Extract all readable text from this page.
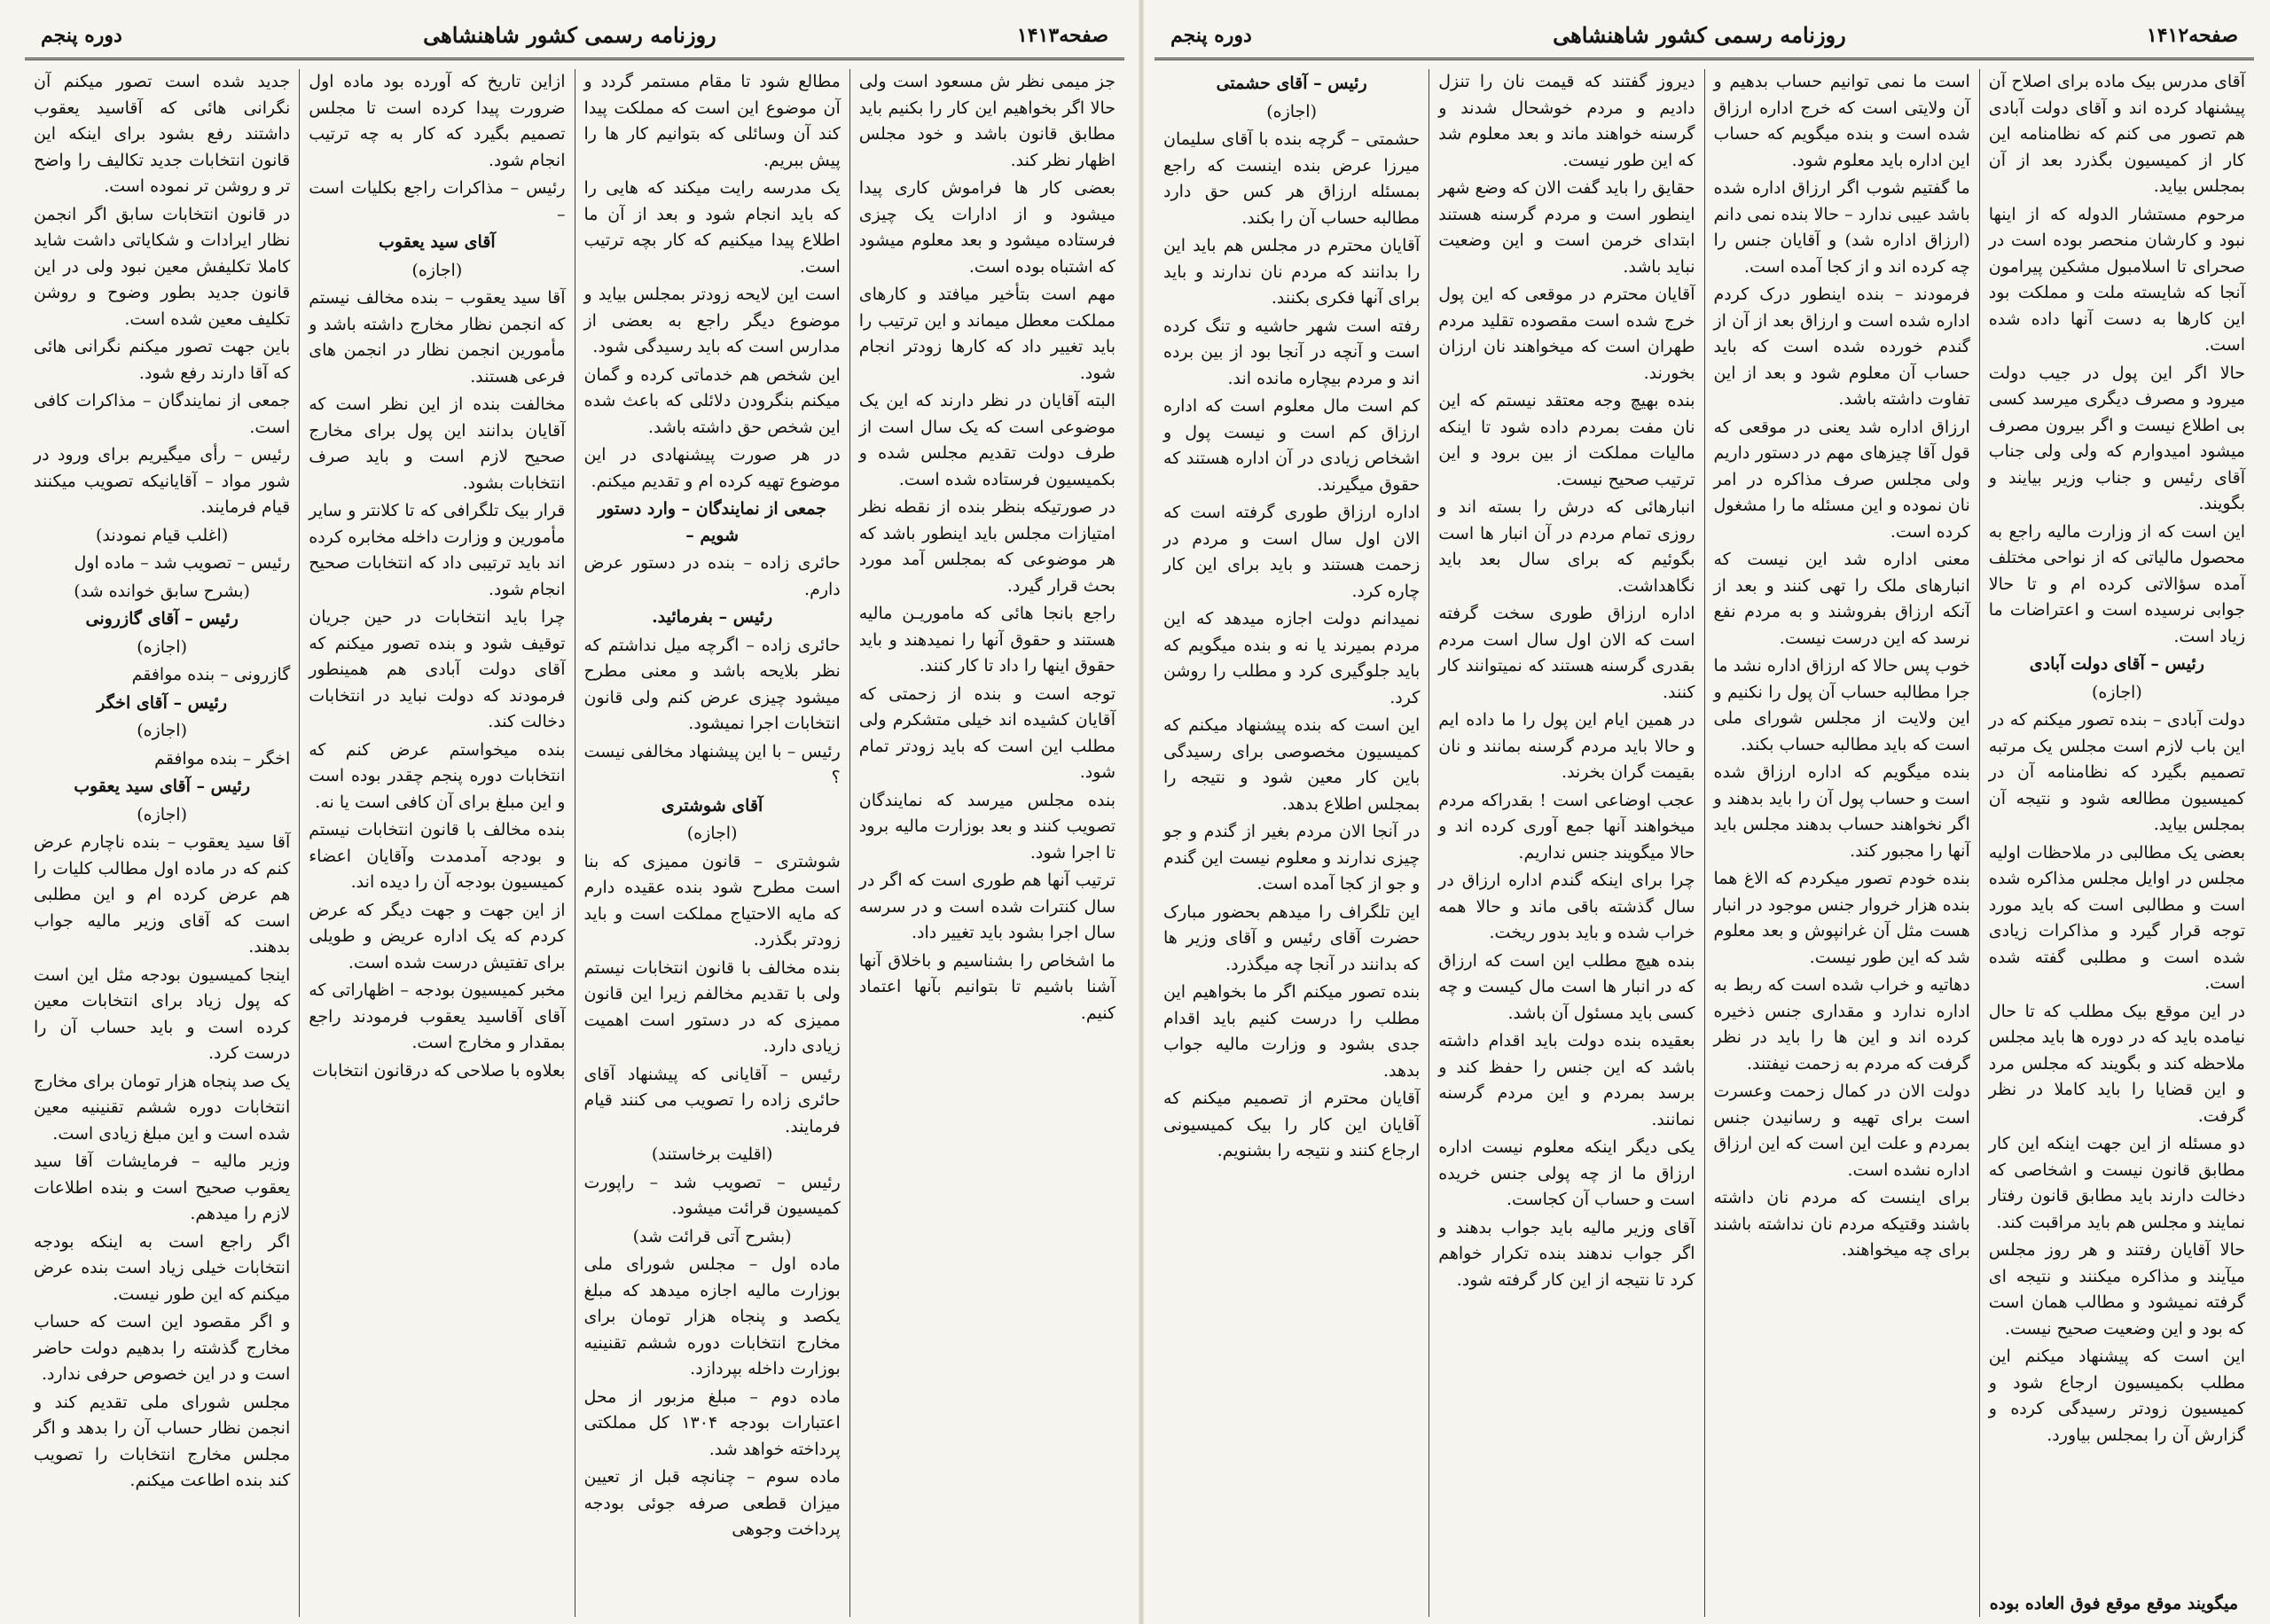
صفحه۱۴۱۳
روزنامه رسمی کشور شاهنشاهی
دوره پنجم

جز میمی نظر ش مسعود است ولی حالا اگر بخواهیم این کار را بکنیم باید مطابق قانون باشد و خود مجلس اظهار نظر کند.

بعضی کار ها فراموش کاری پیدا میشود و از ادارات یک چیزی فرستاده میشود و بعد معلوم میشود که اشتباه بوده است.

مهم است بتأخیر میافتد و کارهای مملکت معطل میماند و این ترتیب را باید تغییر داد که کارها زودتر انجام شود.

البته آقایان در نظر دارند که این یک موضوعی است که یک سال است از طرف دولت تقدیم مجلس شده و بکمیسیون فرستاده شده است.

در صورتیکه بنظر بنده از نقطه نظر امتیازات مجلس باید اینطور باشد که هر موضوعی که بمجلس آمد مورد بحث قرار گیرد.

راجع بانجا هائی که ماموریـن مالیه هستند و حقوق آنها را نمیدهند و باید حقوق اینها را داد تا کار کنند.

توجه است و بنده از زحمتی که آقایان کشیده اند خیلی متشکرم ولی مطلب این است که باید زودتر تمام شود.

بنده مجلس میرسد که نمایندگان تصویب کنند و بعد بوزارت مالیه برود تا اجرا شود.

ترتیب آنها هم طوری است که اگر در سال کنترات شده است و در سرسه سال اجرا بشود باید تغییر داد.

ما اشخاص را بشناسیم و باخلاق آنها آشنا باشیم تا بتوانیم بآنها اعتماد کنیم.

مطالع شود تا مقام مستمر گردد و آن موضوع این است که مملکت پیدا کند آن وسائلی که بتوانیم کار ها را پیش ببریم.

یک مدرسه رایت میکند که هایی را که باید انجام شود و بعد از آن ما اطلاع پیدا میکنیم که کار بچه ترتیب است.

است این لایحه زودتر بمجلس بیاید و موضوع دیگر راجع به بعضی از مدارس است که باید رسیدگی شود.

این شخص هم خدماتی کرده و گمان میکنم بنگرودن دلائلی که باعث شده این شخص حق داشته باشد.

در هر صورت پیشنهادی در این موضوع تهیه کرده ام و تقدیم میکنم.

جمعی از نمایندگان – وارد دستور شویم –

حائری زاده – بنده در دستور عرض دارم.

رئیس – بفرمائید.

حائری زاده – اگرچه میل نداشتم که نظر بلایحه باشد و معنی مطرح میشود چیزی عرض کنم ولی قانون انتخابات اجرا نمیشود.

رئیس – با این پیشنهاد مخالفی نیست ؟

آقای شوشتری
(اجازه)

شوشتری – قانون ممیزی که بنا است مطرح شود بنده عقیده دارم که مایه الاحتیاج مملکت است و باید زودتر بگذرد.

بنده مخالف با قانون انتخابات نیستم ولی با تقدیم مخالفم زیرا این قانون ممیزی که در دستور است اهمیت زیادی دارد.

رئیس – آقایانی که پیشنهاد آقای حائری زاده را تصویب می کنند قیام فرمایند.

(اقلیت برخاستند)

رئیس – تصویب شد – راپورت کمیسیون قرائت میشود.

(بشرح آتی قرائت شد)

ماده اول – مجلس شورای ملی بوزارت مالیه اجازه میدهد که مبلغ یکصد و پنجاه هزار تومان برای مخارج انتخابات دوره ششم تقنینیه بوزارت داخله بپردازد.

ماده دوم – مبلغ مزبور از محل اعتبارات بودجه ۱۳۰۴ کل مملکتی پرداخته خواهد شد.

ماده سوم – چنانچه قبل از تعیین میزان قطعی صرفه جوئی بودجه پرداخت وجوهی

ازاین تاریخ که آورده بود ماده اول ضرورت پیدا کرده است تا مجلس تصمیم بگیرد که کار به چه ترتیب انجام شود.

رئیس – مذاکرات راجع بکلیات است –

آقای سید یعقوب
(اجازه)

آقا سید یعقوب – بنده مخالف نیستم که انجمن نظار مخارج داشته باشد و مأمورین انجمن نظار در انجمن های فرعی هستند.

مخالفت بنده از این نظر است که آقایان بدانند این پول برای مخارج صحیح لازم است و باید صرف انتخابات بشود.

قرار بیک تلگرافی که تا کلانتر و سایر مأمورین و وزارت داخله مخابره کرده اند باید ترتیبی داد که انتخابات صحیح انجام شود.

چرا باید انتخابات در حین جریان توقیف شود و بنده تصور میکنم که آقای دولت آبادی هم همینطور فرمودند که دولت نباید در انتخابات دخالت کند.

بنده میخواستم عرض کنم که انتخابات دوره پنجم چقدر بوده است و این مبلغ برای آن کافی است یا نه.

بنده مخالف با قانون انتخابات نیستم و بودجه آمدمدت وآقایان اعضاء کمیسیون بودجه آن را دیده اند.

از این جهت و جهت دیگر که عرض کردم که یک اداره عریض و طویلی برای تفتیش درست شده است.

مخبر کمیسیون بودجه – اظهاراتی که آقای آقاسید یعقوب فرمودند راجع بمقدار و مخارج است.

بعلاوه با صلاحی که درقانون انتخابات

جدید شده است تصور میکنم آن نگرانی هائی که آقاسید یعقوب داشتند رفع بشود برای اینکه این قانون انتخابات جدید تکالیف را واضح تر و روشن تر نموده است.

در قانون انتخابات سابق اگر انجمن نظار ایرادات و شکایاتی داشت شاید کاملا تکلیفش معین نبود ولی در این قانون جدید بطور وضوح و روشن تکلیف معین شده است.

باین جهت تصور میکنم نگرانی هائی که آقا دارند رفع شود.

جمعی از نمایندگان – مذاکرات کافی است.

رئیس – رأی میگیریم برای ورود در شور مواد – آقایانیکه تصویب میکنند قیام فرمایند.

(اغلب قیام نمودند)

رئیس – تصویب شد – ماده اول

(بشرح سابق خوانده شد)
رئیس – آقای گازرونی
(اجازه)

گازرونی – بنده موافقم

رئیس – آقای اخگر
(اجازه)

اخگر – بنده موافقم

رئیس – آقای سید یعقوب
(اجازه)

آقا سید یعقوب – بنده ناچارم عرض کنم که در ماده اول مطالب کلیات را هم عرض کرده ام و این مطلبی است که آقای وزیر مالیه جواب بدهند.

اینجا کمیسیون بودجه مثل این است که پول زیاد برای انتخابات معین کرده است و باید حساب آن را درست کرد.

یک صد پنجاه هزار تومان برای مخارج انتخابات دوره ششم تقنینیه معین شده است و این مبلغ زیادی است.

وزیر مالیه – فرمایشات آقا سید یعقوب صحیح است و بنده اطلاعات لازم را میدهم.

اگر راجع است به اینکه بودجه انتخابات خیلی زیاد است بنده عرض میکنم که این طور نیست.

و اگر مقصود این است که حساب مخارج گذشته را بدهیم دولت حاضر است و در این خصوص حرفی ندارد.

مجلس شورای ملی تقدیم کند و انجمن نظار حساب آن را بدهد و اگر مجلس مخارج انتخابات را تصویب کند بنده اطاعت میکنم.

صفحه۱۴۱۲
روزنامه رسمی کشور شاهنشاهی
دوره پنجم

آقای مدرس بیک ماده برای اصلاح آن پیشنهاد کرده اند و آقای دولت آبادی هم تصور می کنم که نظامنامه این کار از کمیسیون بگذرد بعد از آن بمجلس بیاید.

مرحوم مستشار الدوله که از اینها نبود و کارشان منحصر بوده است در صحرای تا اسلامبول مشکین پیرامون آنجا که شایسته ملت و مملکت بود این کارها به دست آنها داده شده است.

حالا اگر این پول در جیب دولت میرود و مصرف دیگری میرسد کسی بی اطلاع نیست و اگر بیرون مصرف میشود امیدوارم که ولی ولی جناب آقای رئیس و جناب وزیر بیایند و بگویند.

این است که از وزارت مالیه راجع به محصول مالیاتی که از نواحی مختلف آمده سؤالاتی کرده ام و تا حالا جوابی نرسیده است و اعتراضات ما زیاد است.

رئیس – آقای دولت آبادی
(اجازه)

دولت آبادی – بنده تصور میکنم که در این باب لازم است مجلس یک مرتبه تصمیم بگیرد که نظامنامه آن در کمیسیون مطالعه شود و نتیجه آن بمجلس بیاید.

بعضی یک مطالبی در ملاحظات اولیه مجلس در اوایل مجلس مذاکره شده است و مطالبی است که باید مورد توجه قرار گیرد و مذاکرات زیادی شده است و مطلبی گفته شده است.

در این موقع بیک مطلب که تا حال نیامده باید که در دوره ها باید مجلس ملاحظه کند و بگویند که مجلس مرد و این قضایا را باید کاملا در نظر گرفت.

دو مسئله از این جهت اینکه این کار مطابق قانون نیست و اشخاصی که دخالت دارند باید مطابق قانون رفتار نمایند و مجلس هم باید مراقبت کند.

حالا آقایان رفتند و هر روز مجلس میآیند و مذاکره میکنند و نتیجه ای گرفته نمیشود و مطالب همان است که بود و این وضعیت صحیح نیست.

این است که پیشنهاد میکنم این مطلب بکمیسیون ارجاع شود و کمیسیون زودتر رسیدگی کرده و گزارش آن را بمجلس بیاورد.

است ما نمی توانیم حساب بدهیم و آن ولایتی است که خرج اداره ارزاق شده است و بنده میگویم که حساب این اداره باید معلوم شود.

ما گفتیم شوب اگر ارزاق اداره شده باشد عیبی ندارد – حالا بنده نمی دانم (ارزاق اداره شد) و آقایان جنس را چه کرده اند و از کجا آمده است.

فرمودند – بنده اینطور درک کردم اداره شده است و ارزاق بعد از آن از گندم خورده شده است که باید حساب آن معلوم شود و بعد از این تفاوت داشته باشد.

ارزاق اداره شد یعنی در موقعی که قول آقا چیزهای مهم در دستور داریم ولی مجلس صرف مذاکره در امر نان نموده و این مسئله ما را مشغول کرده است.

معنی اداره شد این نیست که انبارهای ملک را تهی کنند و بعد از آنکه ارزاق بفروشند و به مردم نفع نرسد که این درست نیست.

خوب پس حالا که ارزاق اداره نشد ما جرا مطالبه حساب آن پول را نکنیم و این ولایت از مجلس شورای ملی است که باید مطالبه حساب بکند.

بنده میگویم که اداره ارزاق شده است و حساب پول آن را باید بدهند و اگر نخواهند حساب بدهند مجلس باید آنها را مجبور کند.

بنده خودم تصور میکردم که الاغ هما بنده هزار خروار جنس موجود در انبار هست مثل آن غرانپوش و بعد معلوم شد که این طور نیست.

دهاتیه و خراب شده است که ربط به اداره ندارد و مقداری جنس ذخیره کرده اند و این ها را باید در نظر گرفت که مردم به زحمت نیفتند.

دولت الان در کمال زحمت وعسرت است برای تهیه و رسانیدن جنس بمردم و علت این است که این ارزاق اداره نشده است.

برای اینست که مردم نان داشته باشند وقتیکه مردم نان نداشته باشند برای چه میخواهند.

دیروز گفتند که قیمت نان را تنزل دادیم و مردم خوشحال شدند و گرسنه خواهند ماند و بعد معلوم شد که این طور نیست.

حقایق را باید گفت الان که وضع شهر اینطور است و مردم گرسنه هستند ابتدای خرمن است و این وضعیت نباید باشد.

آقایان محترم در موقعی که این پول خرج شده است مقصوده تقلید مردم طهران است که میخواهند نان ارزان بخورند.

بنده بهیچ وجه معتقد نیستم که این نان مفت بمردم داده شود تا اینکه مالیات مملکت از بین برود و این ترتیب صحیح نیست.

انبارهائی که درش را بسته اند و روزی تمام مردم در آن انبار ها است بگوئیم که برای سال بعد باید نگاهداشت.

اداره ارزاق طوری سخت گرفته است که الان اول سال است مردم بقدری گرسنه هستند که نمیتوانند کار کنند.

در همین ایام این پول را ما داده ایم و حالا باید مردم گرسنه بمانند و نان بقیمت گران بخرند.

عجب اوضاعی است ! بقدراکه مردم میخواهند آنها جمع آوری کرده اند و حالا میگویند جنس نداریم.

چرا برای اینکه گندم اداره ارزاق در سال گذشته باقی ماند و حالا همه خراب شده و باید بدور ریخت.

بنده هیچ مطلب این است که ارزاق که در انبار ها است مال کیست و چه کسی باید مسئول آن باشد.

بعقیده بنده دولت باید اقدام داشته باشد که این جنس را حفظ کند و برسد بمردم و این مردم گرسنه نمانند.

یکی دیگر اینکه معلوم نیست اداره ارزاق ما از چه پولی جنس خریده است و حساب آن کجاست.

آقای وزیر مالیه باید جواب بدهند و اگر جواب ندهند بنده تکرار خواهم کرد تا نتیجه از این کار گرفته شود.

رئیس – آقای حشمتی
(اجازه)

حشمتی – گرچه بنده با آقای سلیمان میرزا عرض بنده اینست که راجع بمسئله ارزاق هر کس حق دارد مطالبه حساب آن را بکند.

آقایان محترم در مجلس هم باید این را بدانند که مردم نان ندارند و باید برای آنها فکری بکنند.

رفته است شهر حاشیه و تنگ کرده است و آنچه در آنجا بود از بین برده اند و مردم بیچاره مانده اند.

کم است مال معلوم است که اداره ارزاق کم است و نیست پول و اشخاص زیادی در آن اداره هستند که حقوق میگیرند.

اداره ارزاق طوری گرفته است که الان اول سال است و مردم در زحمت هستند و باید برای این کار چاره کرد.

نمیدانم دولت اجازه میدهد که این مردم بمیرند یا نه و بنده میگویم که باید جلوگیری کرد و مطلب را روشن کرد.

این است که بنده پیشنهاد میکنم که کمیسیون مخصوصی برای رسیدگی باین کار معین شود و نتیجه را بمجلس اطلاع بدهد.

در آنجا الان مردم بغیر از گندم و جو چیزی ندارند و معلوم نیست این گندم و جو از کجا آمده است.

این تلگراف را میدهم بحضور مبارک حضرت آقای رئیس و آقای وزیر ها که بدانند در آنجا چه میگذرد.

بنده تصور میکنم اگر ما بخواهیم این مطلب را درست کنیم باید اقدام جدی بشود و وزارت مالیه جواب بدهد.

آقایان محترم از تصمیم میکنم که آقایان این کار را بیک کمیسیونی ارجاع کنند و نتیجه را بشنویم.

میگویند موقع موقع فوق العاده بوده
